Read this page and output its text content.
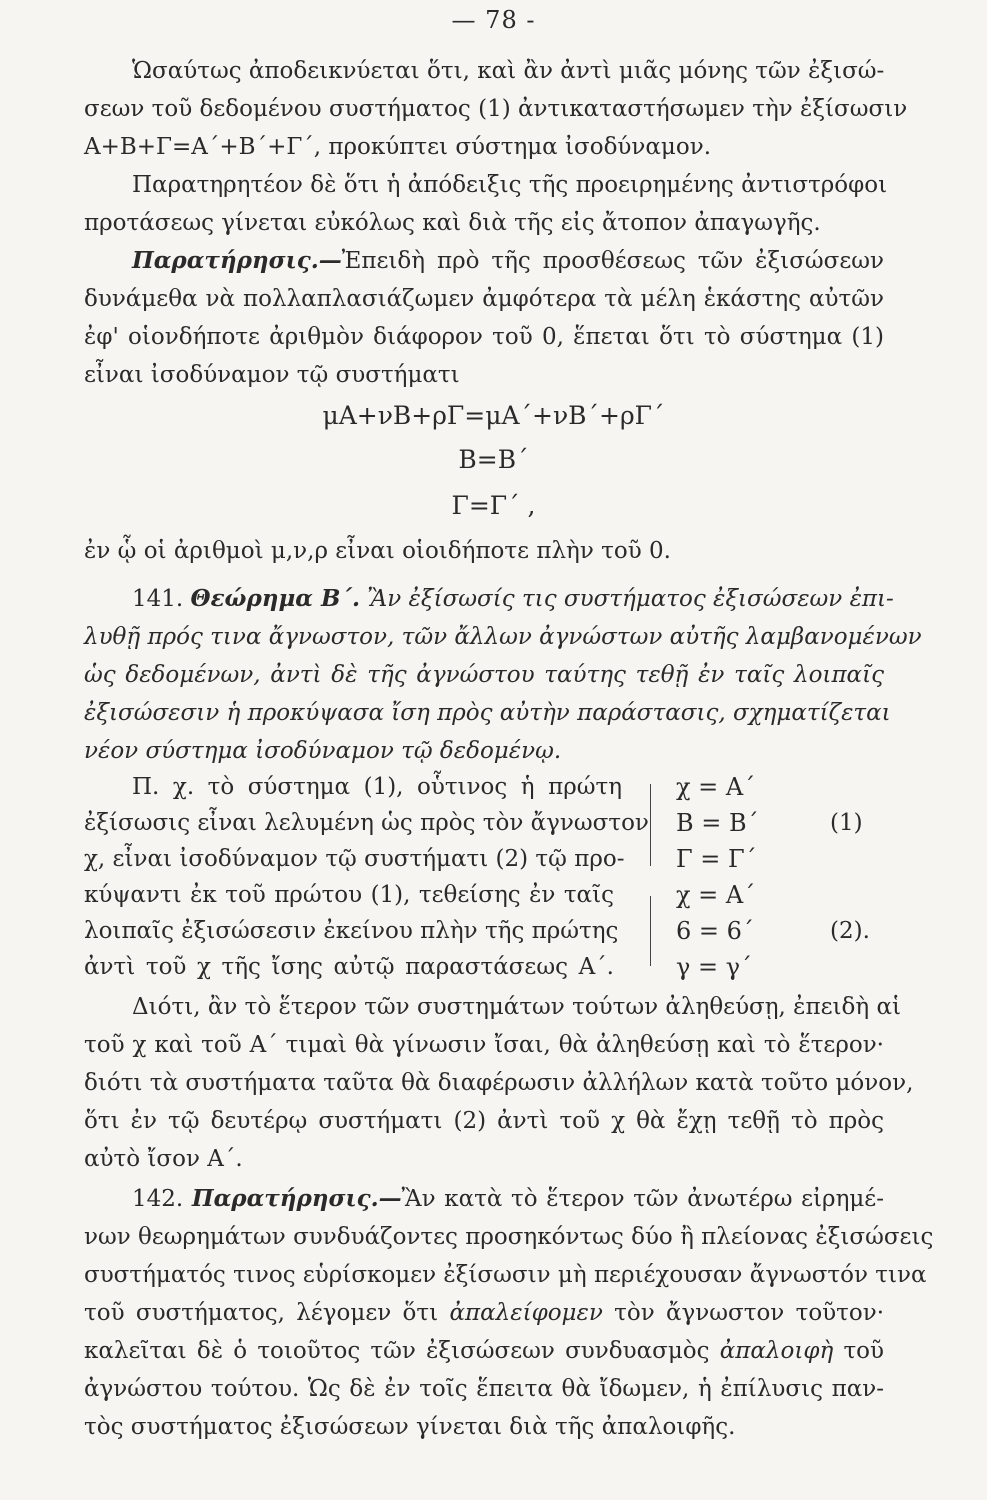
— 78 -
Ὡσαύτως ἀποδεικνύεται ὅτι, καὶ ἂν ἀντὶ μιᾶς μόνης τῶν ἐξισώ-
σεων τοῦ δεδομένου συστήματος (1) ἀντικαταστήσωμεν τὴν ἐξίσωσιν
Α+Β+Γ=Α΄+Β΄+Γ΄, προκύπτει σύστημα ἰσοδύναμον.
Παρατηρητέον δὲ ὅτι ἡ ἀπόδειξις τῆς προειρημένης ἀντιστρόφοι
προτάσεως γίνεται εὐκόλως καὶ διὰ τῆς εἰς ἄτοπον ἀπαγωγῆς.
Παρατήρησις.—Ἐπειδὴ πρὸ τῆς προσθέσεως τῶν ἐξισώσεων
δυνάμεθα νὰ πολλαπλασιάζωμεν ἀμφότερα τὰ μέλη ἑκάστης αὐτῶν
ἐφ' οἱονδήποτε ἀριθμὸν διάφορον τοῦ 0, ἕπεται ὅτι τὸ σύστημα (1)
εἶναι ἰσοδύναμον τῷ συστήματι
μΑ+νΒ+ρΓ=μΑ΄+νΒ΄+ρΓ΄
Β=Β΄
Γ=Γ΄ ,
ἐν ᾧ οἱ ἀριθμοὶ μ,ν,ρ εἶναι οἱοιδήποτε πλὴν τοῦ 0.
141. Θεώρημα Β΄. Ἂν ἐξίσωσίς τις συστήματος ἐξισώσεων ἐπι-
λυθῇ πρός τινα ἄγνωστον, τῶν ἄλλων ἀγνώστων αὐτῆς λαμβανομένων
ὡς δεδομένων, ἀντὶ δὲ τῆς ἀγνώστου ταύτης τεθῇ ἐν ταῖς λοιπαῖς
ἐξισώσεσιν ἡ προκύψασα ἴση πρὸς αὐτὴν παράστασις, σχηματίζεται
νέον σύστημα ἰσοδύναμον τῷ δεδομένῳ.
Π. χ. τὸ σύστημα (1), οὗτινος ἡ πρώτη
ἐξίσωσις εἶναι λελυμένη ὡς πρὸς τὸν ἄγνωστον
χ, εἶναι ἰσοδύναμον τῷ συστήματι (2) τῷ προ-
κύψαντι ἐκ τοῦ πρώτου (1), τεθείσης ἐν ταῖς
λοιπαῖς ἐξισώσεσιν ἐκείνου πλὴν τῆς πρώτης
ἀντὶ τοῦ χ τῆς ἴσης αὐτῷ παραστάσεως Α΄.
χ = Α΄
Β = Β΄
Γ = Γ΄
(1)
χ = Α΄
6 = 6΄
γ = γ΄
(2).
Διότι, ἂν τὸ ἕτερον τῶν συστημάτων τούτων ἀληθεύσῃ, ἐπειδὴ αἱ
τοῦ χ καὶ τοῦ Α΄ τιμαὶ θὰ γίνωσιν ἴσαι, θὰ ἀληθεύσῃ καὶ τὸ ἕτερον·
διότι τὰ συστήματα ταῦτα θὰ διαφέρωσιν ἀλλήλων κατὰ τοῦτο μόνον,
ὅτι ἐν τῷ δευτέρῳ συστήματι (2) ἀντὶ τοῦ χ θὰ ἔχῃ τεθῇ τὸ πρὸς
αὐτὸ ἴσον Α΄.
142. Παρατήρησις.—Ἂν κατὰ τὸ ἕτερον τῶν ἀνωτέρω εἰρημέ-
νων θεωρημάτων συνδυάζοντες προσηκόντως δύο ἢ πλείονας ἐξισώσεις
συστήματός τινος εὑρίσκομεν ἐξίσωσιν μὴ περιέχουσαν ἄγνωστόν τινα
τοῦ συστήματος, λέγομεν ὅτι ἀπαλείφομεν τὸν ἄγνωστον τοῦτον·
καλεῖται δὲ ὁ τοιοῦτος τῶν ἐξισώσεων συνδυασμὸς ἀπαλοιφὴ τοῦ
ἀγνώστου τούτου. Ὡς δὲ ἐν τοῖς ἕπειτα θὰ ἴδωμεν, ἡ ἐπίλυσις παν-
τὸς συστήματος ἐξισώσεων γίνεται διὰ τῆς ἀπαλοιφῆς.
